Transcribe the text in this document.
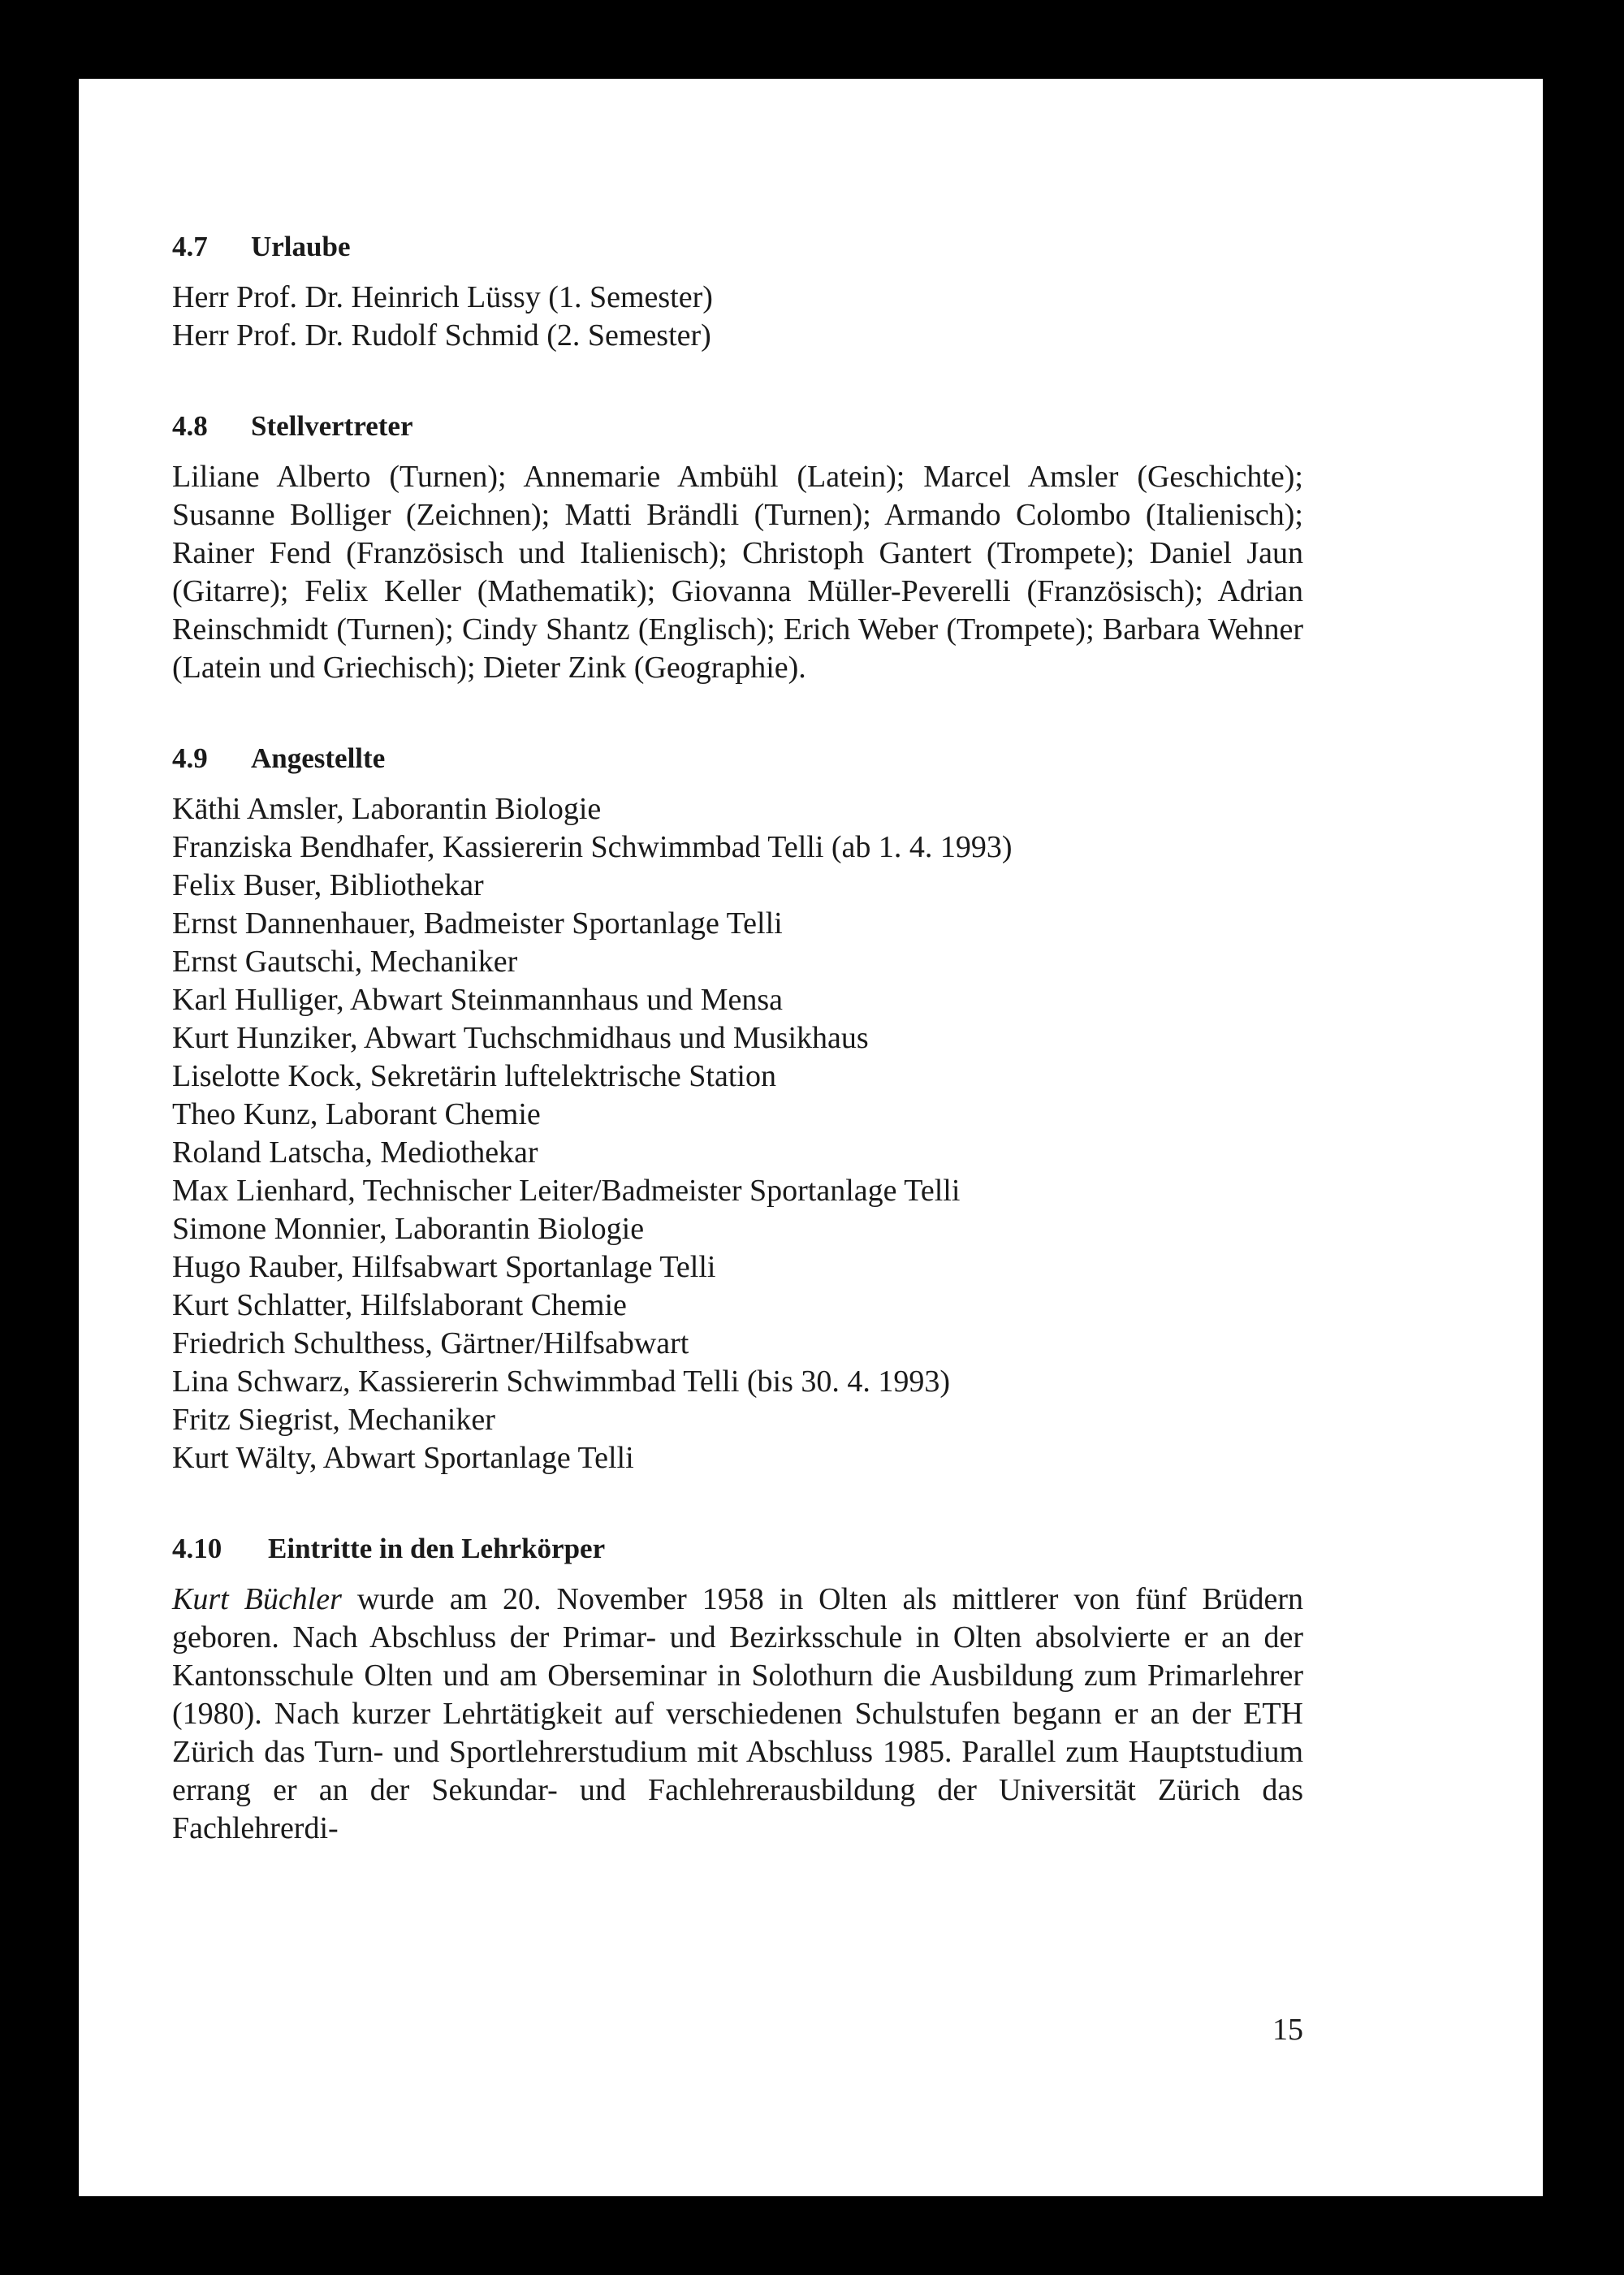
4.7 Urlaube
Herr Prof. Dr. Heinrich Lüssy (1. Semester)
Herr Prof. Dr. Rudolf Schmid (2. Semester)
4.8 Stellvertreter

Liliane Alberto (Turnen); Annemarie Ambühl (Latein); Marcel Amsler (Geschichte); Susanne Bolliger (Zeichnen); Matti Brändli (Turnen); Armando Colombo (Italienisch); Rainer Fend (Französisch und Italienisch); Christoph Gantert (Trompete); Daniel Jaun (Gitarre); Felix Keller (Mathematik); Giovanna Müller-Peverelli (Französisch); Adrian Reinschmidt (Turnen); Cindy Shantz (Englisch); Erich Weber (Trompete); Barbara Wehner (Latein und Griechisch); Dieter Zink (Geographie).

4.9 Angestellte
Käthi Amsler, Laborantin Biologie
Franziska Bendhafer, Kassiererin Schwimmbad Telli (ab 1. 4. 1993)
Felix Buser, Bibliothekar
Ernst Dannenhauer, Badmeister Sportanlage Telli
Ernst Gautschi, Mechaniker
Karl Hulliger, Abwart Steinmannhaus und Mensa
Kurt Hunziker, Abwart Tuchschmidhaus und Musikhaus
Liselotte Kock, Sekretärin luftelektrische Station
Theo Kunz, Laborant Chemie
Roland Latscha, Mediothekar
Max Lienhard, Technischer Leiter/Badmeister Sportanlage Telli
Simone Monnier, Laborantin Biologie
Hugo Rauber, Hilfsabwart Sportanlage Telli
Kurt Schlatter, Hilfslaborant Chemie
Friedrich Schulthess, Gärtner/Hilfsabwart
Lina Schwarz, Kassiererin Schwimmbad Telli (bis 30. 4. 1993)
Fritz Siegrist, Mechaniker
Kurt Wälty, Abwart Sportanlage Telli
4.10 Eintritte in den Lehrkörper

Kurt Büchler wurde am 20. November 1958 in Olten als mittlerer von fünf Brüdern geboren. Nach Abschluss der Primar- und Bezirksschule in Olten absolvierte er an der Kantonsschule Olten und am Oberseminar in Solothurn die Ausbildung zum Primarlehrer (1980). Nach kurzer Lehrtätigkeit auf verschiedenen Schulstufen begann er an der ETH Zürich das Turn- und Sportlehrerstudium mit Abschluss 1985. Parallel zum Hauptstudium errang er an der Sekundar- und Fachlehrerausbildung der Universität Zürich das Fachlehrerdi-

15
